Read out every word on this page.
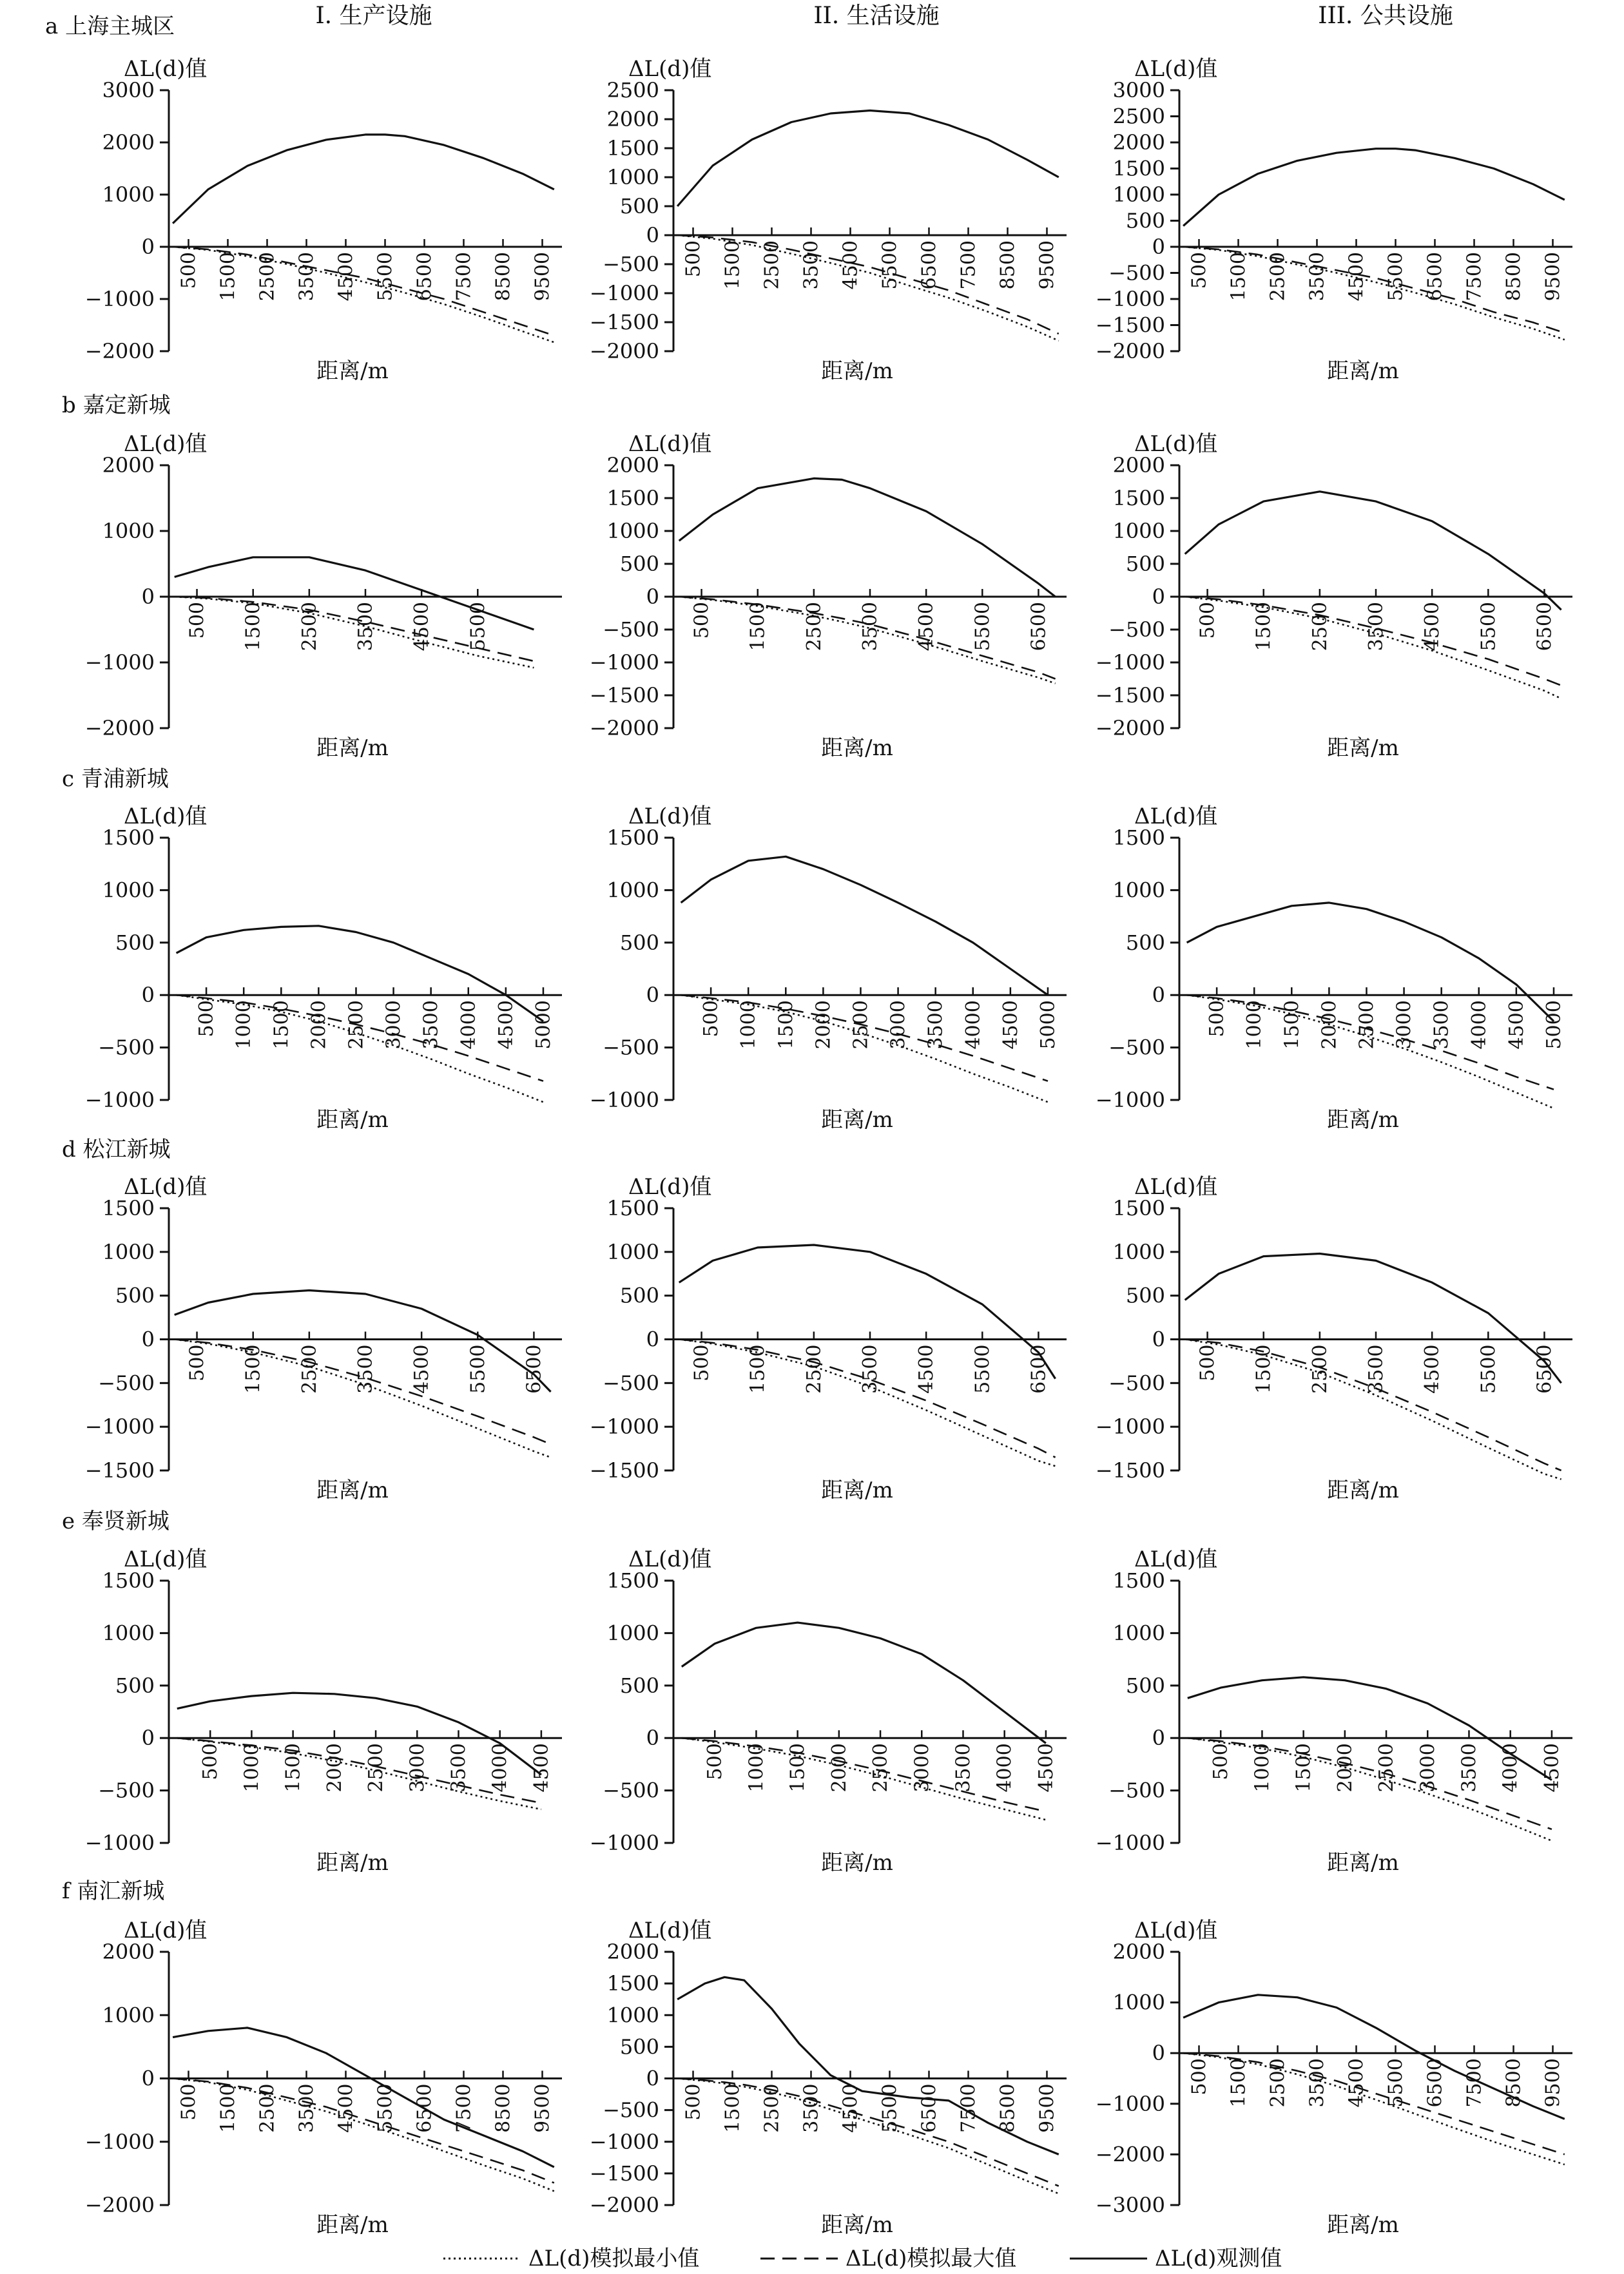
I. 生产设施	II. 生活设施	III. 公共设施
a 上海主城区
b 嘉定新城
c 青浦新城
d 松江新城
e 奉贤新城
f 南汇新城
ΔL(d)值
3000
2000
1000
0
−1000
−2000
500 1500 2500 3500 4500 5500 6500 7500 8500 9500
距离/m
ΔL(d)值
2500
2000
1500
1000
500
0
−500
−1000
−1500
−2000
500 1500 2500 3500 4500 5500 6500 7500 8500 9500
距离/m
ΔL(d)值
3000
2500
2000
1500
1000
500
0
−500
−1000
−1500
−2000
500 1500 2500 3500 4500 5500 6500 7500 8500 9500
距离/m
ΔL(d)值
2000
1000
0
−1000
−2000
500 1500 2500 3500 4500 5500
距离/m
ΔL(d)值
2000
1500
1000
500
0
−500
−1000
−1500
−2000
500 1500 2500 3500 4500 5500 6500
距离/m
ΔL(d)值
2000
1500
1000
500
0
−500
−1000
−1500
−2000
500 1500 2500 3500 4500 5500 6500
距离/m
ΔL(d)值
1500
1000
500
0
−500
−1000
500 1000 1500 2000 2500 3000 3500 4000 4500 5000
距离/m
ΔL(d)值
1500
1000
500
0
−500
−1000
500 1000 1500 2000 2500 3000 3500 4000 4500 5000
距离/m
ΔL(d)值
1500
1000
500
0
−500
−1000
500 1000 1500 2000 2500 3000 3500 4000 4500 5000
距离/m
ΔL(d)值
1500
1000
500
0
−500
−1000
−1500
500 1500 2500 3500 4500 5500 6500
距离/m
ΔL(d)值
1500
1000
500
0
−500
−1000
−1500
500 1500 2500 3500 4500 5500 6500
距离/m
ΔL(d)值
1500
1000
500
0
−500
−1000
−1500
500 1500 2500 3500 4500 5500 6500
距离/m
ΔL(d)值
1500
1000
500
0
−500
−1000
500 1000 1500 2000 2500 3000 3500 4000 4500
距离/m
ΔL(d)值
1500
1000
500
0
−500
−1000
500 1000 1500 2000 2500 3000 3500 4000 4500
距离/m
ΔL(d)值
1500
1000
500
0
−500
−1000
500 1000 1500 2000 2500 3000 3500 4000 4500
距离/m
ΔL(d)值
2000
1000
0
−1000
−2000
500 1500 2500 3500 4500 5500 6500 7500 8500 9500
距离/m
ΔL(d)值
2000
1500
1000
500
0
−500
−1000
−1500
−2000
500 1500 2500 3500 4500 5500 6500 7500 8500 9500
距离/m
ΔL(d)值
2000
1000
0
−1000
−2000
−3000
500 1500 2500 3500 4500 5500 6500 7500 8500 9500
距离/m
ΔL(d)模拟最小值	ΔL(d)模拟最大值	ΔL(d)观测值
